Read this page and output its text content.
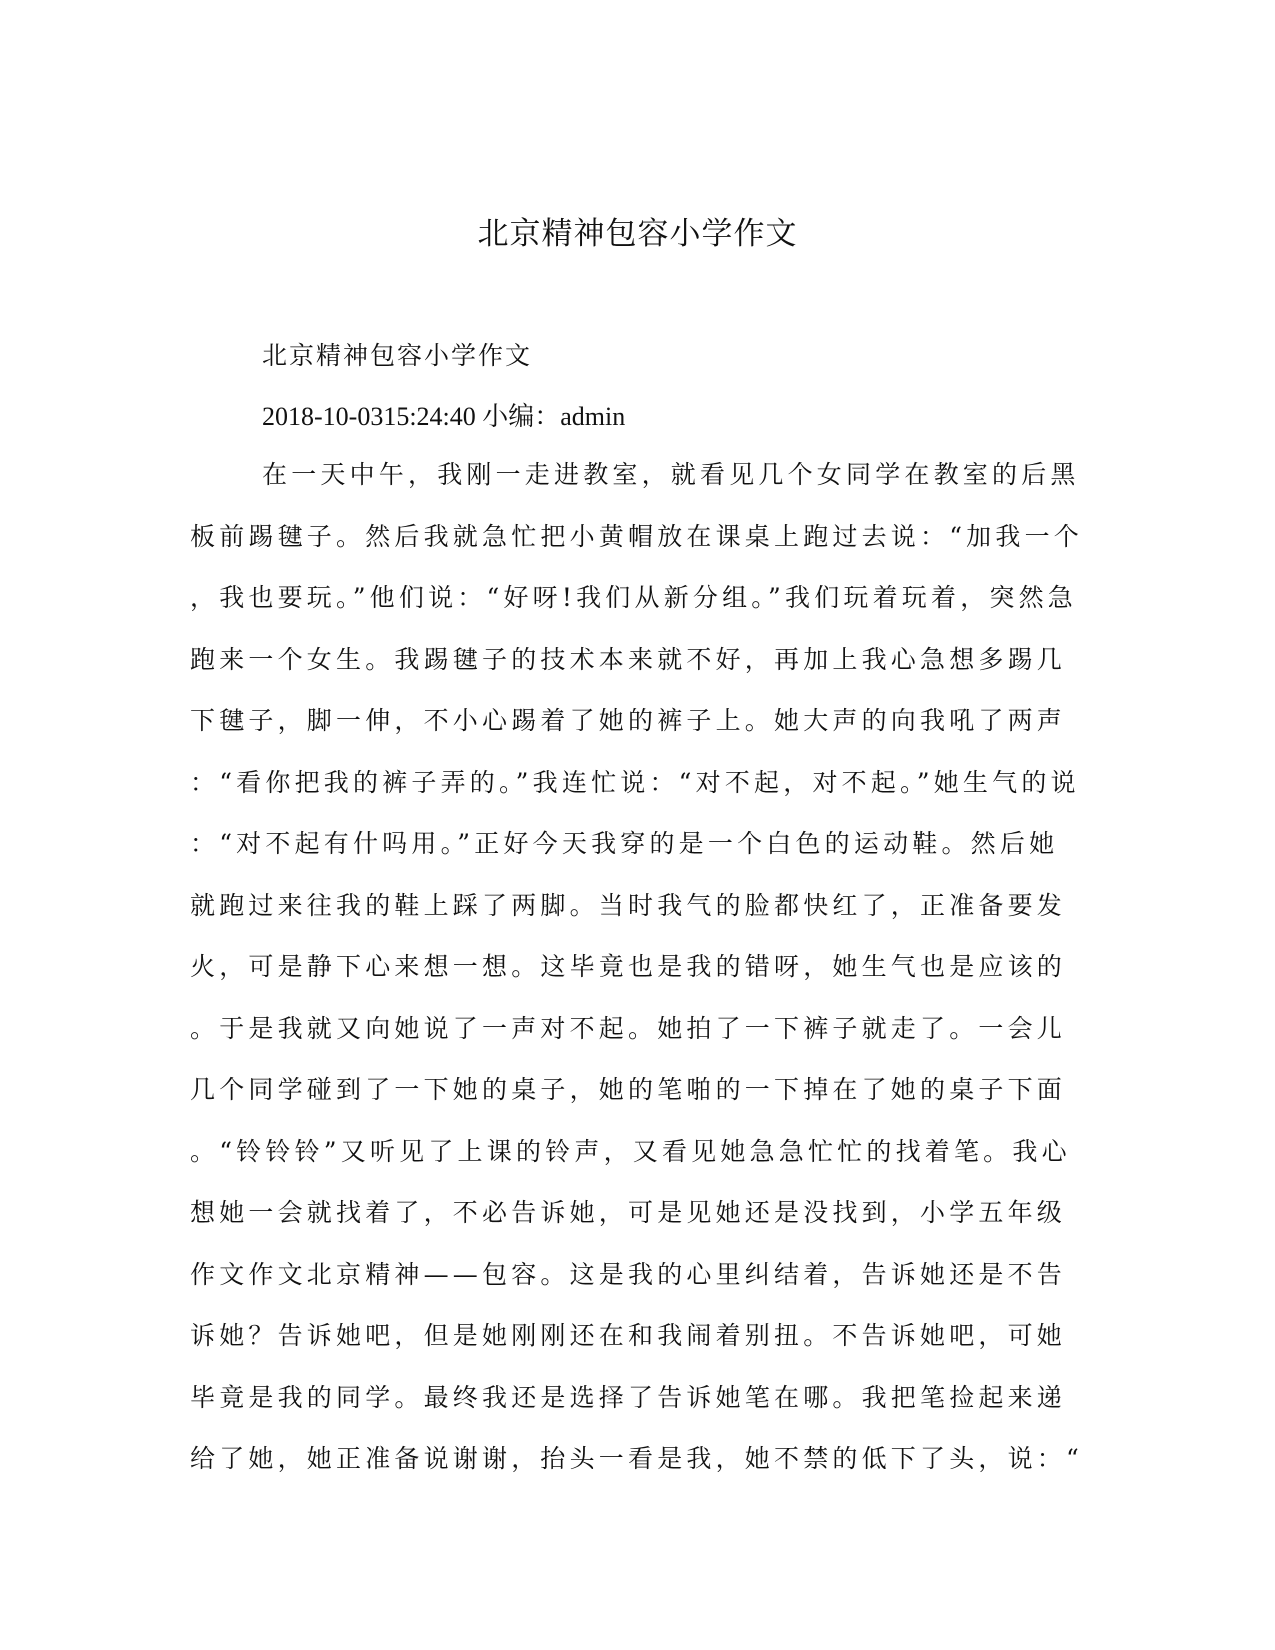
北京精神包容小学作文
北京精神包容小学作文
2018-10-0315:24:40 小编：admin
在一天中午，我刚一走进教室，就看见几个女同学在教室的后黑
板前踢毽子。然后我就急忙把小黄帽放在课桌上跑过去说：“加我一个
，我也要玩。”他们说：“好呀!我们从新分组。”我们玩着玩着，突然急
跑来一个女生。我踢毽子的技术本来就不好，再加上我心急想多踢几
下毽子，脚一伸，不小心踢着了她的裤子上。她大声的向我吼了两声
：“看你把我的裤子弄的。”我连忙说：“对不起，对不起。”她生气的说
：“对不起有什吗用。”正好今天我穿的是一个白色的运动鞋。然后她
就跑过来往我的鞋上踩了两脚。当时我气的脸都快红了，正准备要发
火，可是静下心来想一想。这毕竟也是我的错呀，她生气也是应该的
。于是我就又向她说了一声对不起。她拍了一下裤子就走了。一会儿
几个同学碰到了一下她的桌子，她的笔啪的一下掉在了她的桌子下面
。“铃铃铃”又听见了上课的铃声，又看见她急急忙忙的找着笔。我心
想她一会就找着了，不必告诉她，可是见她还是没找到，小学五年级
作文作文北京精神——包容。这是我的心里纠结着，告诉她还是不告
诉她？告诉她吧，但是她刚刚还在和我闹着别扭。不告诉她吧，可她
毕竟是我的同学。最终我还是选择了告诉她笔在哪。我把笔捡起来递
给了她，她正准备说谢谢，抬头一看是我，她不禁的低下了头，说：“
